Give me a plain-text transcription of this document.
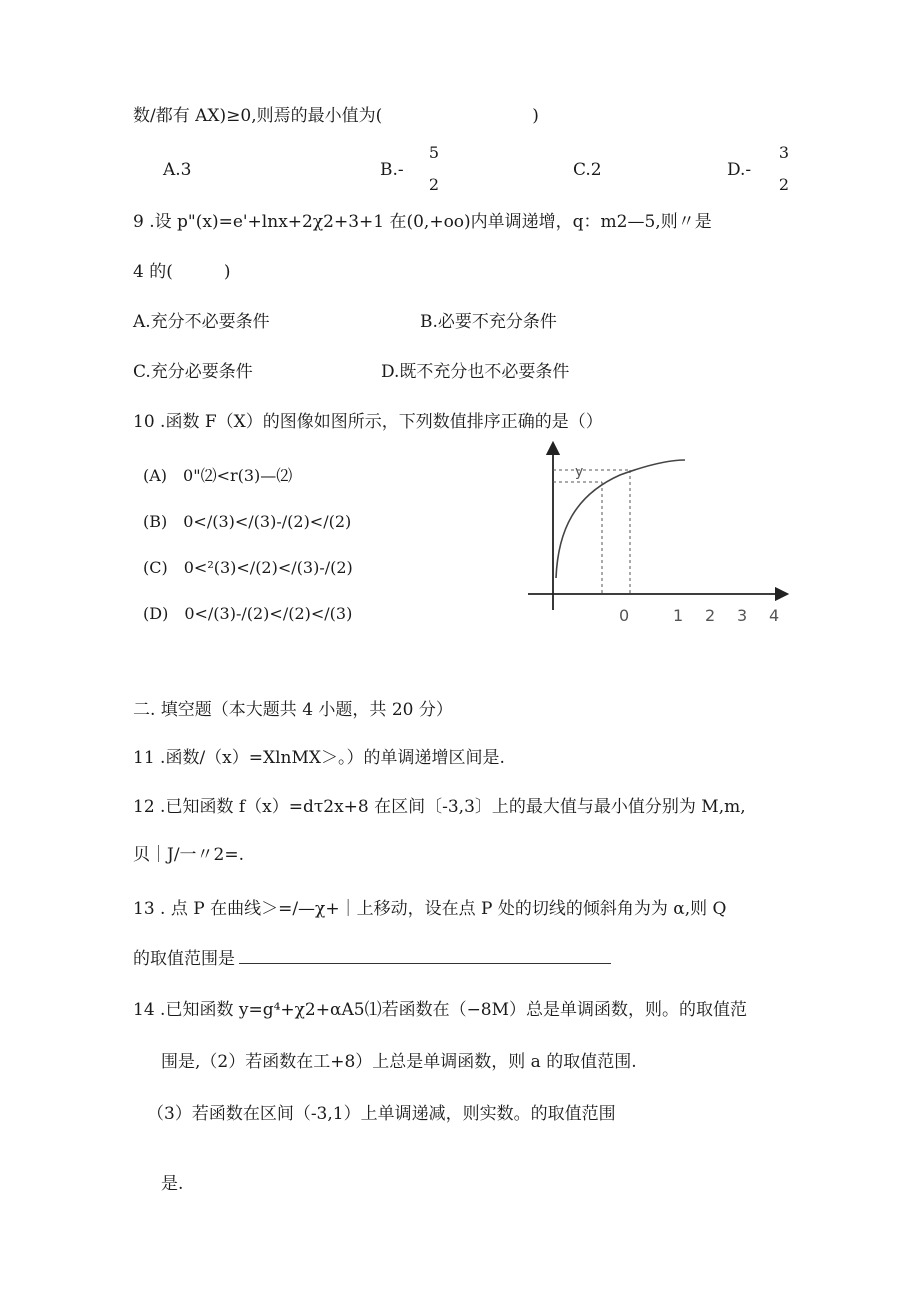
数/都有 AX)≥0,则焉的最小值为(	)
A.3	B.-
5
2
C.2	D.-
3
2
9 .设 p"(x)=e'+lnx+2χ2+3+1 在(0,+oo)内单调递增，q：m2—5,则〃是
4 的(　　　)
A.充分不必要条件	B.必要不充分条件
C.充分必要条件	D.既不充分也不必要条件
10 .函数 F（X）的图像如图所示，下列数值排序正确的是（）
(A)　0"⑵<r(3)—⑵
(B)　0</(3)</(3)-/(2)</(2)
(C)　0<²(3)</(2)</(3)-/(2)
(D)　0</(3)-/(2)</(2)</(3)
y
0	1 2 3 4
二. 填空题（本大题共 4 小题，共 20 分）
11 .函数/（x）=XlnMX＞。）的单调递增区间是.
12 .已知函数 f（x）=dτ2x+8 在区间〔-3,3〕上的最大值与最小值分别为 M,m,
贝｜J/一〃2=.
13 . 点 P 在曲线＞=/—χ+｜上移动，设在点 P 处的切线的倾斜角为为 α,则 Q
的取值范围是
14 .已知函数 y=g⁴+χ2+αA5⑴若函数在（−8M）总是单调函数，则。的取值范
围是,（2）若函数在工+8）上总是单调函数，则 a 的取值范围.
（3）若函数在区间（-3,1）上单调递减，则实数。的取值范围
是.
